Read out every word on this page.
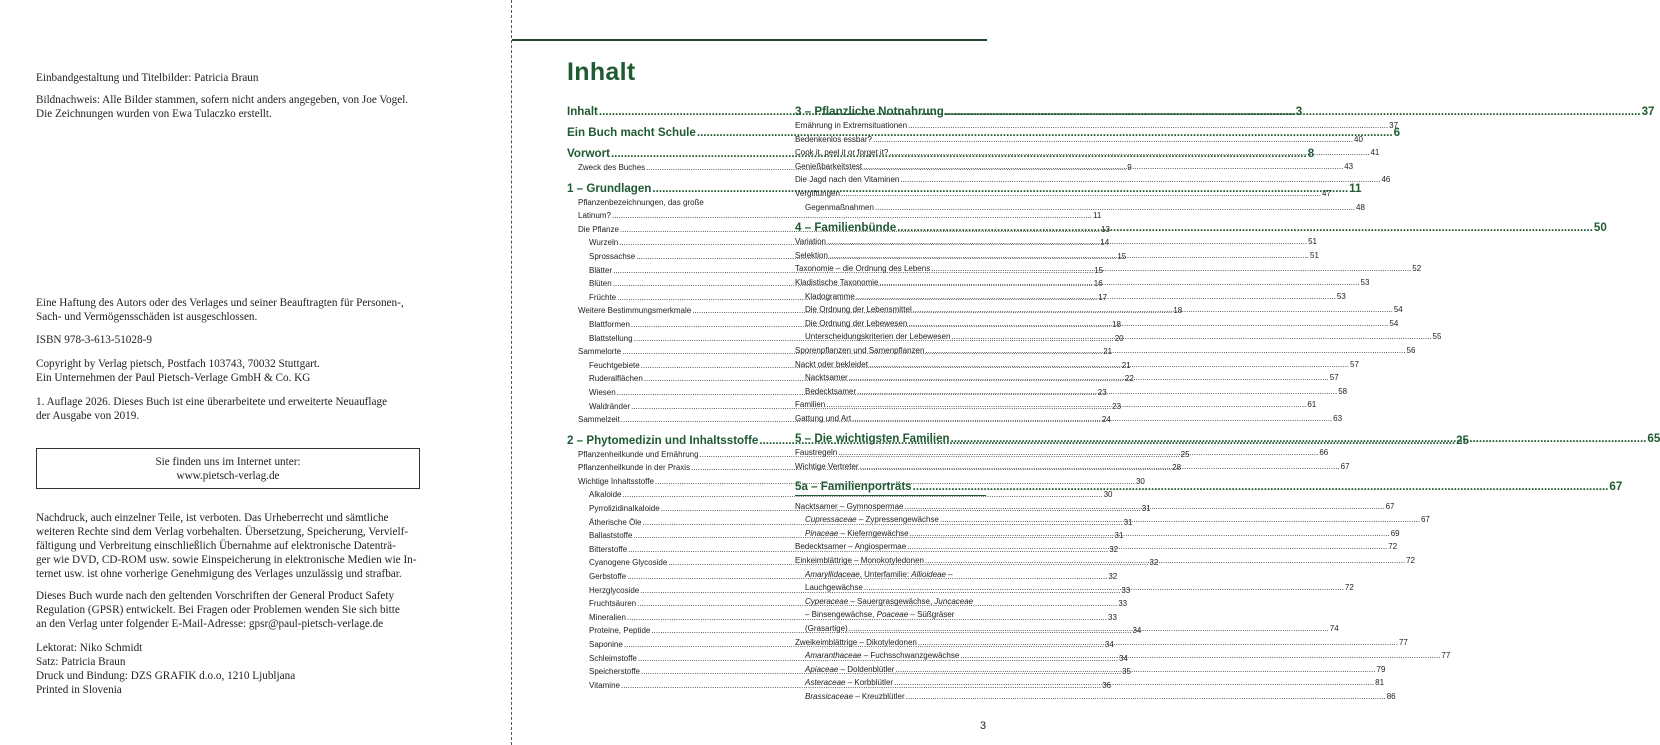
Einbandgestaltung und Titelbilder: Patricia Braun

Bildnachweis: Alle Bilder stammen, sofern nicht anders angegeben, von Joe Vogel.

Die Zeichnungen wurden von Ewa Tulaczko erstellt.

Eine Haftung des Autors oder des Verlages und seiner Beauftragten für Personen-,

Sach- und Vermögensschäden ist ausgeschlossen.

ISBN 978-3-613-51028-9

Copyright by Verlag pietsch, Postfach 103743, 70032 Stuttgart.

Ein Unternehmen der Paul Pietsch-Verlage GmbH & Co. KG

1. Auflage 2026. Dieses Buch ist eine überarbeitete und erweiterte Neuauflage

der Ausgabe von 2019.

Sie finden uns im Internet unter:
www.pietsch-verlag.de

Nachdruck, auch einzelner Teile, ist verboten. Das Urheberrecht und sämtliche

weiteren Rechte sind dem Verlag vorbehalten. Übersetzung, Speicherung, Vervielf-

fältigung und Verbreitung einschließlich Übernahme auf elektronische Datenträ-

ger wie DVD, CD-ROM usw. sowie Einspeicherung in elektronische Medien wie In-

ternet usw. ist ohne vorherige Genehmigung des Verlages unzulässig und strafbar.

Dieses Buch wurde nach den geltenden Vorschriften der General Product Safety

Regulation (GPSR) entwickelt. Bei Fragen oder Problemen wenden Sie sich bitte

an den Verlag unter folgender E-Mail-Adresse: gpsr@paul-pietsch-verlage.de

Lektorat: Niko Schmidt

Satz: Patricia Braun

Druck und Bindung: DZS GRAFIK d.o.o, 1210 Ljubljana

Printed in Slovenia

Inhalt
Inhalt .....	3
Ein Buch macht Schule .....	6
Vorwort .....	8
Zweck des Buches .....	9
1 – Grundlagen .....	11
Pflanzenbezeichnungen, das große
Latinum? .....	11
Die Pflanze .....	13
Wurzeln .....	14
Sprossachse .....	15
Blätter .....	15
Blüten .....	16
Früchte .....	17
Weitere Bestimmungsmerkmale .....	18
Blattformen .....	18
Blattstellung .....	20
Sammelorte .....	21
Feuchtgebiete .....	21
Ruderalflächen .....	22
Wiesen .....	23
Waldränder .....	23
Sammelzeit .....	24
2 – Phytomedizin und Inhaltsstoffe .....	25
Pflanzenheilkunde und Ernährung .....	25
Pflanzenheilkunde in der Praxis .....	28
Wichtige Inhaltsstoffe .....	30
Alkaloide .....	30
Pyrrolizidinalkaloide .....	31
Ätherische Öle .....	31
Ballaststoffe .....	31
Bitterstoffe .....	32
Cyanogene Glycoside .....	32
Gerbstoffe .....	32
Herzglycoside .....	33
Fruchtsäuren .....	33
Mineralien .....	33
Proteine, Peptide .....	34
Saponine .....	34
Schleimstoffe .....	34
Speicherstoffe .....	35
Vitamine .....	36
3 – Pflanzliche Notnahrung .....	37
Ernährung in Extremsituationen .....	37
Bedenkenlos essbar? .....	40
Cook it, peel it or forget it? .....	41
Genießbarkeitstest .....	43
Die Jagd nach den Vitaminen .....	46
Vergiftungen .....	47
Gegenmaßnahmen .....	48
4 – Familienbünde .....	50
Variation .....	51
Selektion .....	51
Taxonomie – die Ordnung des Lebens .....	52
Kladistische Taxonomie .....	53
Kladogramme .....	53
Die Ordnung der Lebensmittel .....	54
Die Ordnung der Lebewesen .....	54
Unterscheidungskriterien der Lebewesen .....	55
Sporenpflanzen und Samenpflanzen .....	56
Nackt oder bekleidet .....	57
Nacktsamer .....	57
Bedecktsamer .....	58
Familien .....	61
Gattung und Art .....	63
5 – Die wichtigsten Familien .....	65
Faustregeln .....	66
Wichtige Vertreter .....	67
5a – Familienporträts .....	67
Nacktsamer – Gymnospermae .....	67
Cupressaceae – Zypressengewächse .....	67
Pinaceae – Kieferngewächse .....	69
Bedecktsamer – Angiospermae .....	72
Einkeimblättrige – Monokotyledonen .....	72
Amaryllidaceae, Unterfamilie: Allioideae –
Lauchgewächse .....	72
Cyperaceae – Sauergrasgewächse, Juncaceae
– Binsengewächse, Poaceae – Süßgräser
(Grasartige) .....	74
Zweikeimblättrige – Dikotyledonen .....	77
Amaranthaceae – Fuchsschwanzgewächse .....	77
Apiaceae – Doldenblütler .....	79
Asteraceae – Korbblütler .....	81
Brassicaceae – Kreuzblütler .....	86
3
